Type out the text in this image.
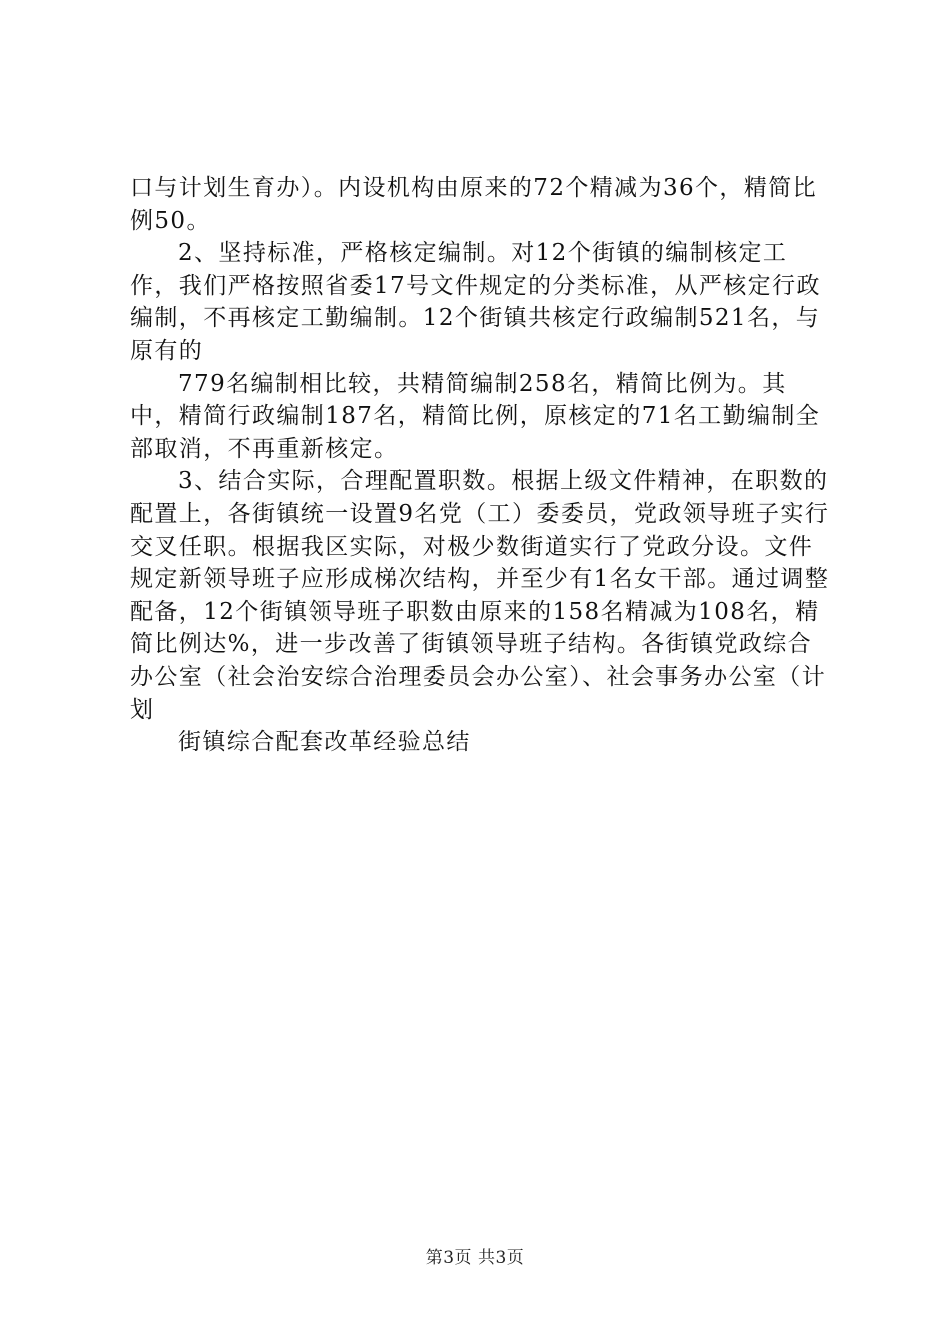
口与计划生育办）。内设机构由原来的72个精减为36个，精简比例50。

2、坚持标准，严格核定编制。对12个街镇的编制核定工作，我们严格按照省委17号文件规定的分类标准，从严核定行政编制，不再核定工勤编制。12个街镇共核定行政编制521名，与原有的

779名编制相比较，共精简编制258名，精简比例为。其中，精简行政编制187名，精简比例，原核定的71名工勤编制全部取消，不再重新核定。

3、结合实际，合理配置职数。根据上级文件精神，在职数的配置上，各街镇统一设置9名党（工）委委员，党政领导班子实行交叉任职。根据我区实际，对极少数街道实行了党政分设。文件规定新领导班子应形成梯次结构，并至少有1名女干部。通过调整配备，12个街镇领导班子职数由原来的158名精减为108名，精简比例达%，进一步改善了街镇领导班子结构。各街镇党政综合办公室（社会治安综合治理委员会办公室）、社会事务办公室（计划

街镇综合配套改革经验总结

第3页 共3页
